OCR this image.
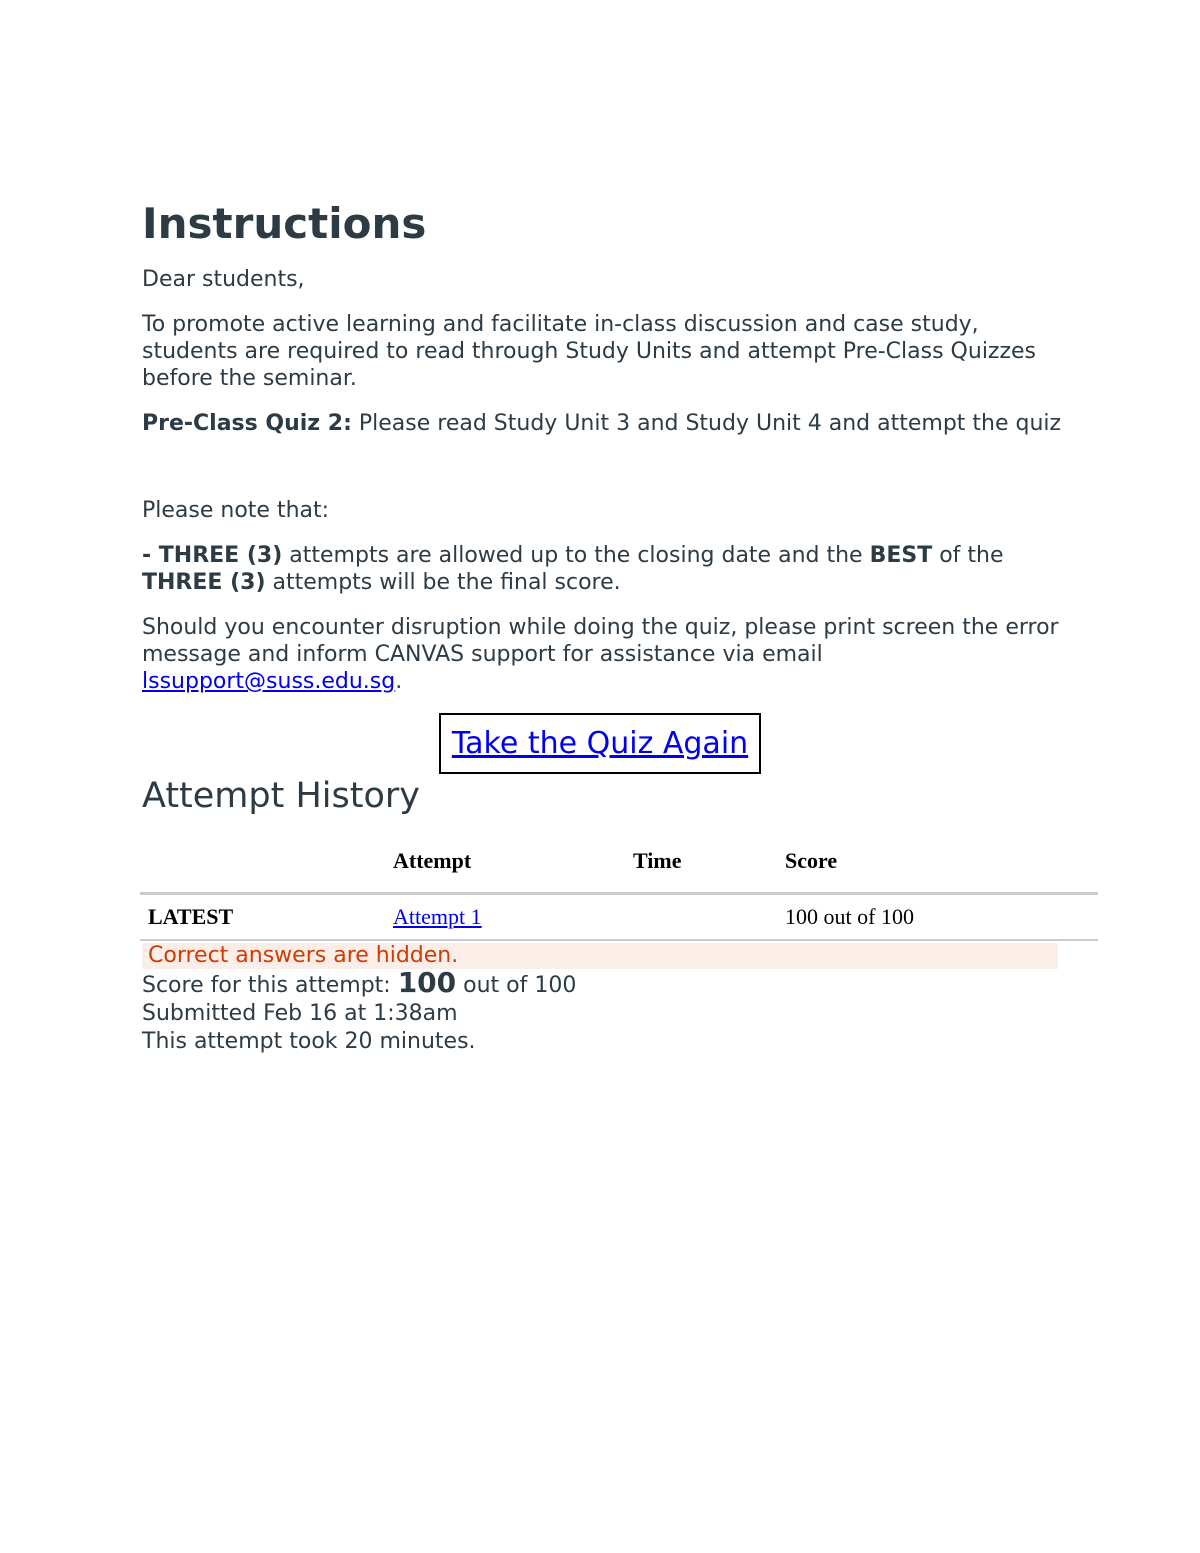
Instructions

Dear students,

To promote active learning and facilitate in-class discussion and case study, students are required to read through Study Units and attempt Pre-Class Quizzes before the seminar.

Pre-Class Quiz 2: Please read Study Unit 3 and Study Unit 4 and attempt the quiz

Please note that:

- THREE (3) attempts are allowed up to the closing date and the BEST of the THREE (3) attempts will be the final score.

Should you encounter disruption while doing the quiz, please print screen the error message and inform CANVAS support for assistance via email lssupport@suss.edu.sg.

Take the Quiz Again
Attempt History
	Attempt	Time	Score
LATEST	Attempt 1		100 out of 100
Correct answers are hidden.
Score for this attempt: 100 out of 100
Submitted Feb 16 at 1:38am
This attempt took 20 minutes.
